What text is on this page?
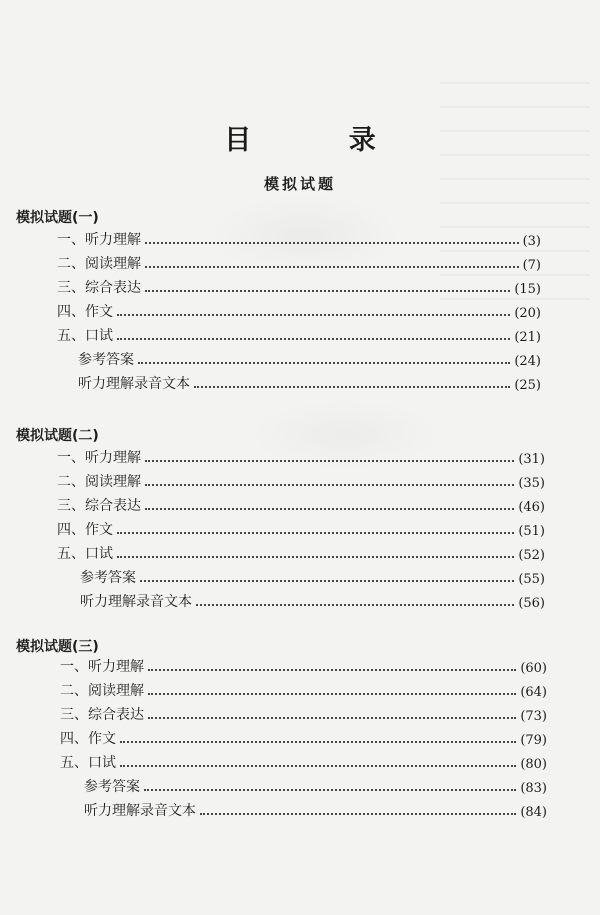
目 录
模拟试题
模拟试题(一)
一、听力理解	(3)
二、阅读理解	(7)
三、综合表达	(15)
四、作文	(20)
五、口试	(21)
参考答案	(24)
听力理解录音文本	(25)
模拟试题(二)
一、听力理解	(31)
二、阅读理解	(35)
三、综合表达	(46)
四、作文	(51)
五、口试	(52)
参考答案	(55)
听力理解录音文本	(56)
模拟试题(三)
一、听力理解	(60)
二、阅读理解	(64)
三、综合表达	(73)
四、作文	(79)
五、口试	(80)
参考答案	(83)
听力理解录音文本	(84)
